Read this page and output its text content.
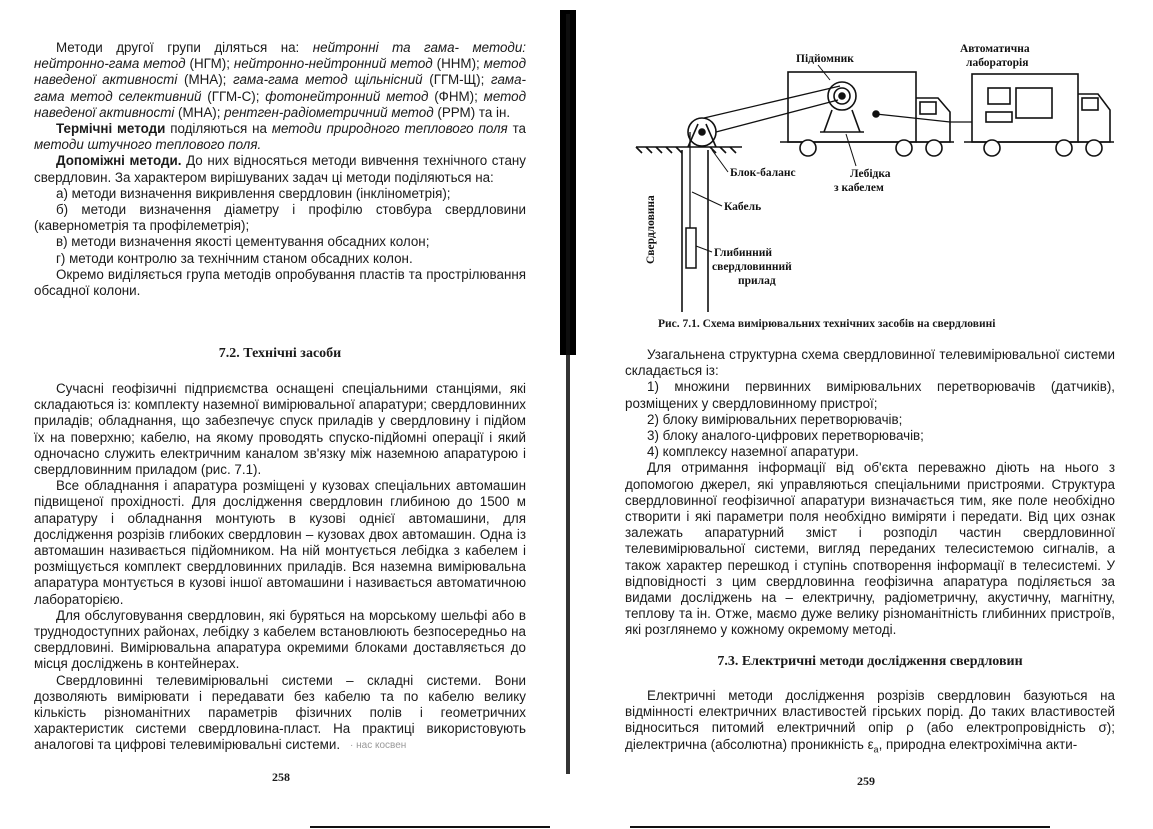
Методи другої групи діляться на: нейтронні та гама- методи: нейтронно-гама метод (НГМ); нейтронно-нейтронний метод (ННМ); метод наведеної активності (МНА); гама-гама метод щільнісний (ГГМ-Щ); гама-гама метод селективний (ГГМ-С); фотонейтронний метод (ФНМ); метод наведеної активності (МНА); рентген-радіометричний метод (РРМ) та ін.

Термічні методи поділяються на методи природного теплового поля та методи штучного теплового поля.

Допоміжні методи. До них відносяться методи вивчення технічного стану свердловин. За характером вирішуваних задач ці методи поділяються на:

а) методи визначення викривлення свердловин (інклінометрія);

б) методи визначення діаметру і профілю стовбура свердловини (кавернометрія та профілеметрія);

в) методи визначення якості цементування обсадних колон;

г) методи контролю за технічним станом обсадних колон.

Окремо виділяється група методів опробування пластів та прострілювання обсадної колони.

7.2. Технічні засоби

Сучасні геофізичні підприємства оснащені спеціальними станціями, які складаються із: комплекту наземної вимірювальної апаратури; свердловинних приладів; обладнання, що забезпечує спуск приладів у свердловину і підйом їх на поверхню; кабелю, на якому проводять спуско-підйомні операції і який одночасно служить електричним каналом зв'язку між наземною апаратурою і свердловинним приладом (рис. 7.1).

Все обладнання і апаратура розміщені у кузовах спеціальних автомашин підвищеної прохідності. Для дослідження свердловин глибиною до 1500 м апаратуру і обладнання монтують в кузові однієї автомашини, для дослідження розрізів глибоких свердловин – кузовах двох автомашин. Одна із автомашин називається підйомником. На ній монтується лебідка з кабелем і розміщується комплект свердловинних приладів. Вся наземна вимірювальна апаратура монтується в кузові іншої автомашини і називається автоматичною лабораторією.

Для обслуговування свердловин, які буряться на морському шельфі або в труднодоступних районах, лебідку з кабелем встановлюють безпосередньо на свердловині. Вимірювальна апаратура окремими блоками доставляється до місця досліджень в контейнерах.

Свердловинні телевимірювальні системи – складні системи. Вони дозволяють вимірювати і передавати без кабелю та по кабелю велику кількість різноманітних параметрів фізичних полів і геометричних характеристик системи свердловина-пласт. На практиці використовують аналогові та цифрові телевимірювальні системи. · нас косвен
258
Свердловина
Підйомник
Автоматична
лабораторія
Блок-баланс	Лебідка
з кабелем
Кабель
Глибинний
свердловинний
прилад
Рис. 7.1. Схема вимірювальних технічних засобів на свердловині

Узагальнена структурна схема свердловинної телевимірювальної системи складається із:

1) множини первинних вимірювальних перетворювачів (датчиків), розміщених у свердловинному пристрої;

2) блоку вимірювальних перетворювачів;

3) блоку аналого-цифрових перетворювачів;

4) комплексу наземної апаратури.

Для отримання інформації від об'єкта переважно діють на нього з допомогою джерел, які управляються спеціальними пристроями. Структура свердловинної геофізичної апаратури визначається тим, яке поле необхідно створити і які параметри поля необхідно виміряти і передати. Від цих ознак залежать апаратурний зміст і розподіл частин свердловинної телевимірювальної системи, вигляд переданих телесистемою сигналів, а також характер перешкод і ступінь спотворення інформації в телесистемі. У відповідності з цим свердловинна геофізична апаратура поділяється за видами досліджень на – електричну, радіометричну, акустичну, магнітну, теплову та ін. Отже, маємо дуже велику різноманітність глибинних пристроїв, які розглянемо у кожному окремому методі.

7.3. Електричні методи дослідження свердловин

Електричні методи дослідження розрізів свердловин базуються на відмінності електричних властивостей гірських порід. До таких властивостей відноситься питомий електричний опір ρ (або електропровідність σ); діелектрична (абсолютна) проникність $\varepsilon_а$, природна електрохімічна акти-

259
